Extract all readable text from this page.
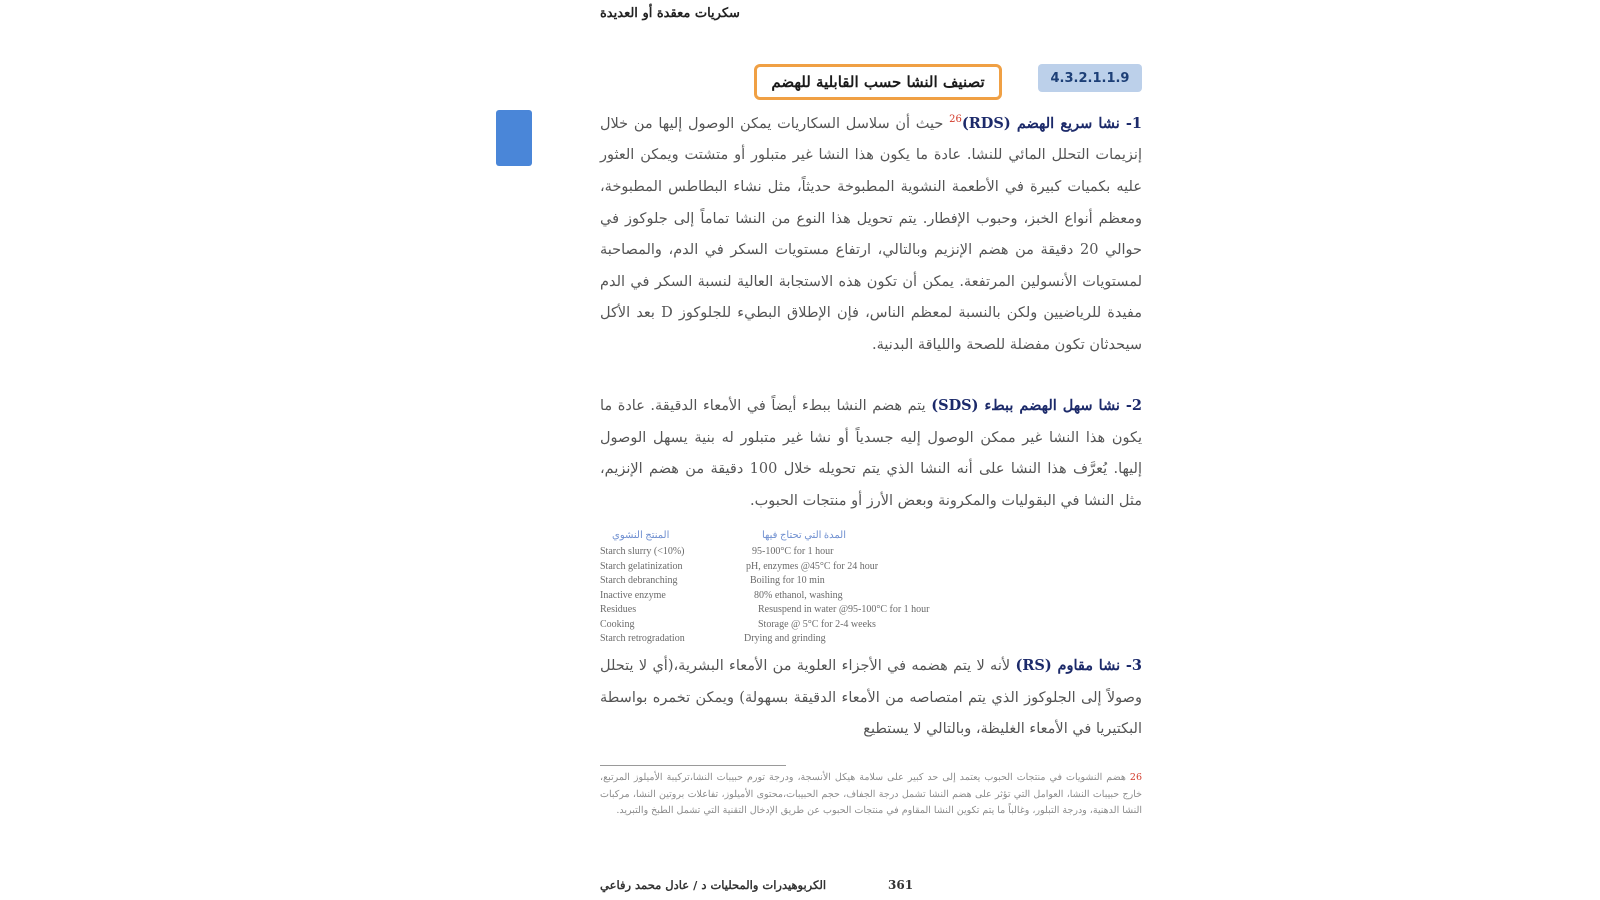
سكريات معقدة أو العديدة
4.3.2.1.1.9
تصنيف النشا حسب القابلية للهضم
1- نشا سريع الهضم (RDS)$^{26}$ حيث أن سلاسل السكاريات يمكن الوصول إليها من خلال إنزيمات التحلل المائي للنشا. عادة ما يكون هذا النشا غير متبلور أو متشتت ويمكن العثور عليه بكميات كبيرة في الأطعمة النشوية المطبوخة حديثاً، مثل نشاء البطاطس المطبوخة، ومعظم أنواع الخبز، وحبوب الإفطار. يتم تحويل هذا النوع من النشا تماماً إلى جلوكوز في حوالي 20 دقيقة من هضم الإنزيم وبالتالي، ارتفاع مستويات السكر في الدم، والمصاحبة لمستويات الأنسولين المرتفعة. يمكن أن تكون هذه الاستجابة العالية لنسبة السكر في الدم مفيدة للرياضيين ولكن بالنسبة لمعظم الناس، فإن الإطلاق البطيء للجلوكوز D بعد الأكل سيحدثان تكون مفضلة للصحة واللياقة البدنية.
2- نشا سهل الهضم ببطء (SDS) يتم هضم النشا ببطء أيضاً في الأمعاء الدقيقة. عادة ما يكون هذا النشا غير ممكن الوصول إليه جسدياً أو نشا غير متبلور له بنية يسهل الوصول إليها. يُعرَّف هذا النشا على أنه النشا الذي يتم تحويله خلال 100 دقيقة من هضم الإنزيم، مثل النشا في البقوليات والمكرونة وبعض الأرز أو منتجات الحبوب.
المنتج النشوي	المدة التي تحتاج فيها
Starch slurry (<10%)	95-100°C for 1 hour
Starch gelatinization	pH, enzymes @45°C for 24 hour
Starch debranching	Boiling for 10 min
Inactive enzyme	80% ethanol, washing
Residues	Resuspend in water @95-100°C for 1 hour
Cooking	Storage @ 5°C for 2-4 weeks
Starch retrogradation	Drying and grinding
3- نشا مقاوم (RS) لأنه لا يتم هضمه في الأجزاء العلوية من الأمعاء البشرية،(أي لا يتحلل وصولاً إلى الجلوكوز الذي يتم امتصاصه من الأمعاء الدقيقة بسهولة) ويمكن تخمره بواسطة البكتيريا في الأمعاء الغليظة، وبالتالي لا يستطيع
26 هضم النشويات في منتجات الحبوب يعتمد إلى حد كبير على سلامة هيكل الأنسجة، ودرجة تورم حبيبات النشا،تركيبة الأميلوز المرتبع، خارج حبيبات النشا، العوامل التي تؤثر على هضم النشا تشمل درجة الجفاف، حجم الحبيبات،محتوى الأميلوز، تفاعلات بروتين النشا، مركبات النشا الدهنية، ودرجة التبلور، وغالباً ما يتم تكوين النشا المقاوم في منتجات الحبوب عن طريق الإدخال التقنية التي تشمل الطبخ والتبريد.
الكربوهيدرات والمحليات د / عادل محمد رفاعي	361
